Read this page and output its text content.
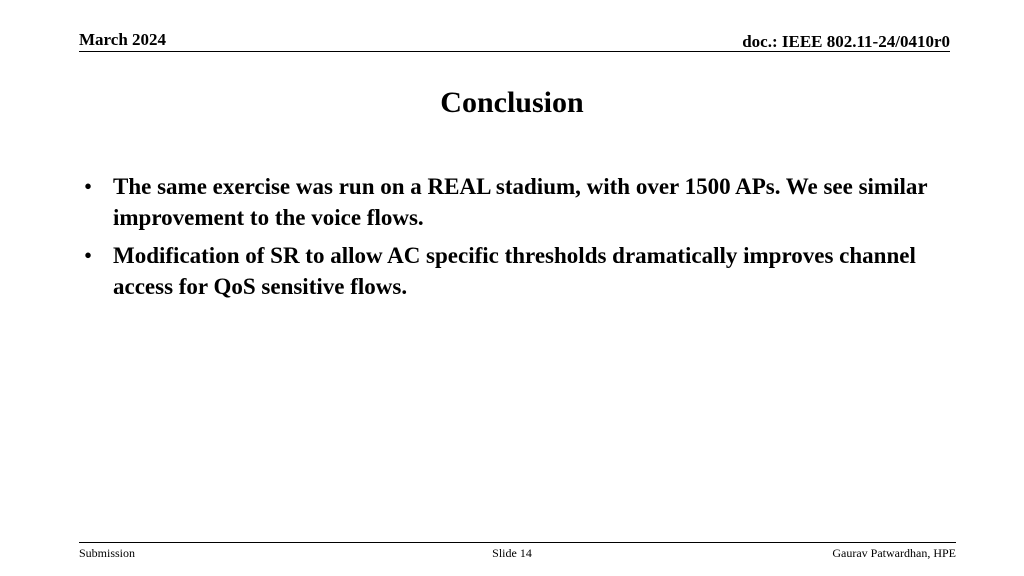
March 2024	doc.: IEEE 802.11-24/0410r0
Conclusion
• The same exercise was run on a REAL stadium, with over 1500 APs. We see similar improvement to the voice flows.
• Modification of SR to allow AC specific thresholds dramatically improves channel access for QoS sensitive flows.
Submission	Slide 14	Gaurav Patwardhan, HPE
